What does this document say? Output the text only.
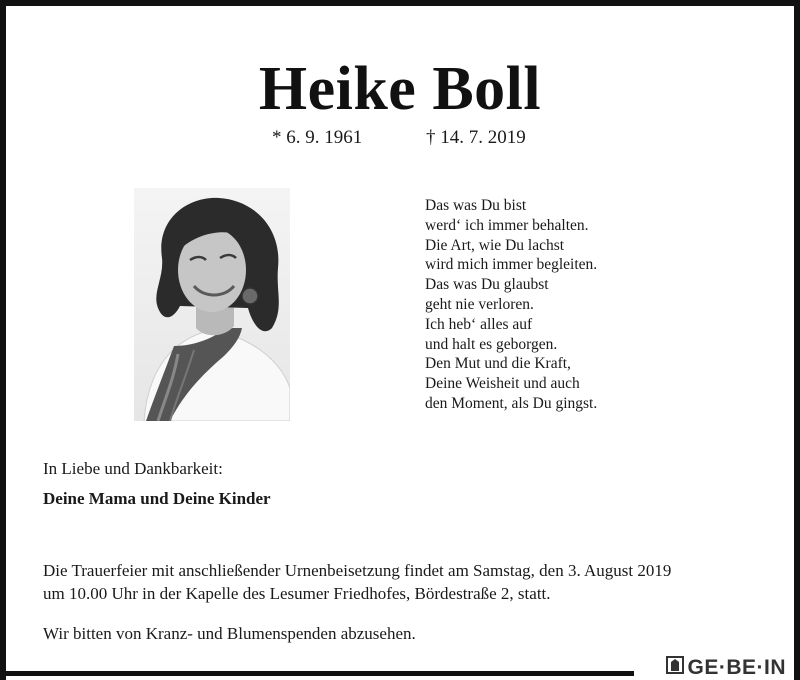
Heike Boll
* 6. 9. 1961	† 14. 7. 2019
Das was Du bist
werd‘ ich immer behalten.
Die Art, wie Du lachst
wird mich immer begleiten.
Das was Du glaubst
geht nie verloren.
Ich heb‘ alles auf
und halt es geborgen.
Den Mut und die Kraft,
Deine Weisheit und auch
den Moment, als Du gingst.
In Liebe und Dankbarkeit:
Deine Mama und Deine Kinder
Die Trauerfeier mit anschließender Urnenbeisetzung findet am Samstag, den 3. August 2019
um 10.00 Uhr in der Kapelle des Lesumer Friedhofes, Bördestraße 2, statt.
Wir bitten von Kranz- und Blumenspenden abzusehen.
GE·BE·IN
